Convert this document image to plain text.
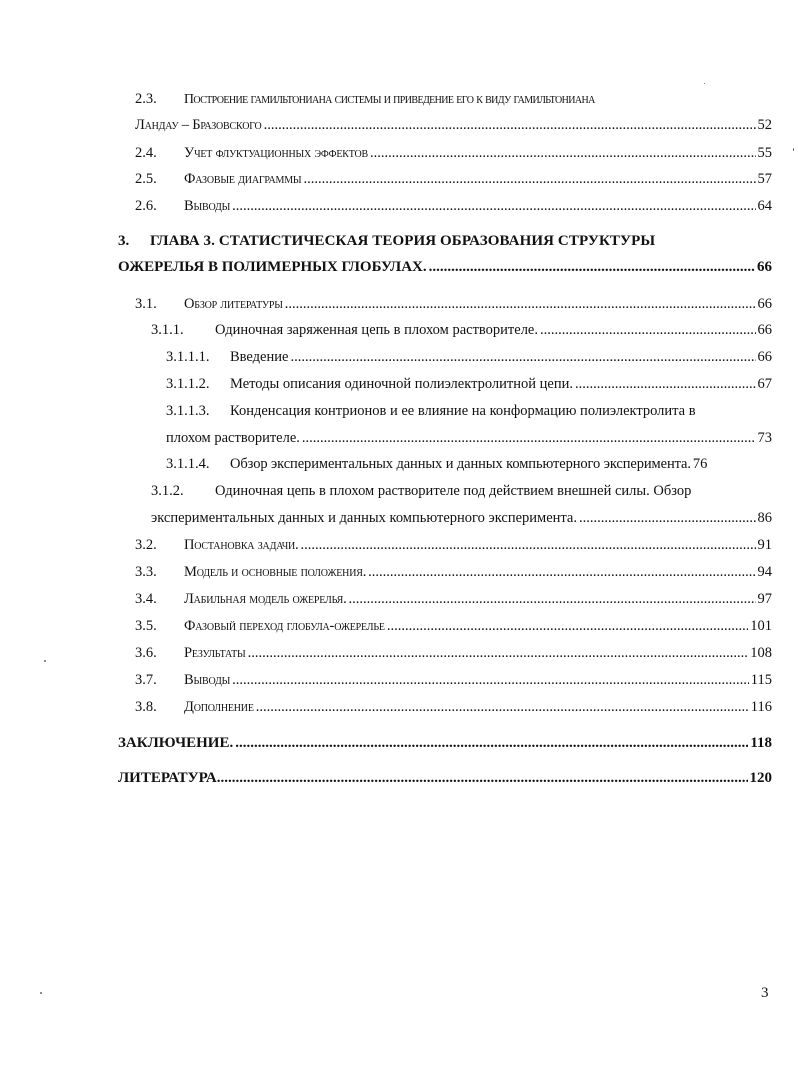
2.3. Построение гамильтониана системы и приведение его к виду гамильтониана
Ландау – Бразовского .....	52
2.4.	Учет флуктуационных эффектов .....	55
2.5.	Фазовые диаграммы .....	57
2.6.	Выводы .....	64
3. ГЛАВА 3. СТАТИСТИЧЕСКАЯ ТЕОРИЯ ОБРАЗОВАНИЯ СТРУКТУРЫ
ОЖЕРЕЛЬЯ В ПОЛИМЕРНЫХ ГЛОБУЛАХ. .....	66
3.1.	Обзор литературы .....	66
3.1.1.	Одиночная заряженная цепь в плохом растворителе. .....	66
3.1.1.1.	Введение .....	66
3.1.1.2.	Методы описания одиночной полиэлектролитной цепи. .....	67
3.1.1.3. Конденсация контрионов и ее влияние на конформацию полиэлектролита в
плохом растворителе. .....	73
3.1.1.4.	Обзор экспериментальных данных и данных компьютерного эксперимента. 76
3.1.2. Одиночная цепь в плохом растворителе под действием внешней силы. Обзор
экспериментальных данных и данных компьютерного эксперимента. .....	86
3.2.	Постановка задачи. .....	91
3.3.	Модель и основные положения. .....	94
3.4.	Лабильная модель ожерелья. .....	97
3.5.	Фазовый переход глобула-ожерелье .....	101
3.6.	Результаты .....	108
3.7.	Выводы .....	115
3.8.	Дополнение .....	116
ЗАКЛЮЧЕНИЕ. .....	118
ЛИТЕРАТУРА .....	120
3
